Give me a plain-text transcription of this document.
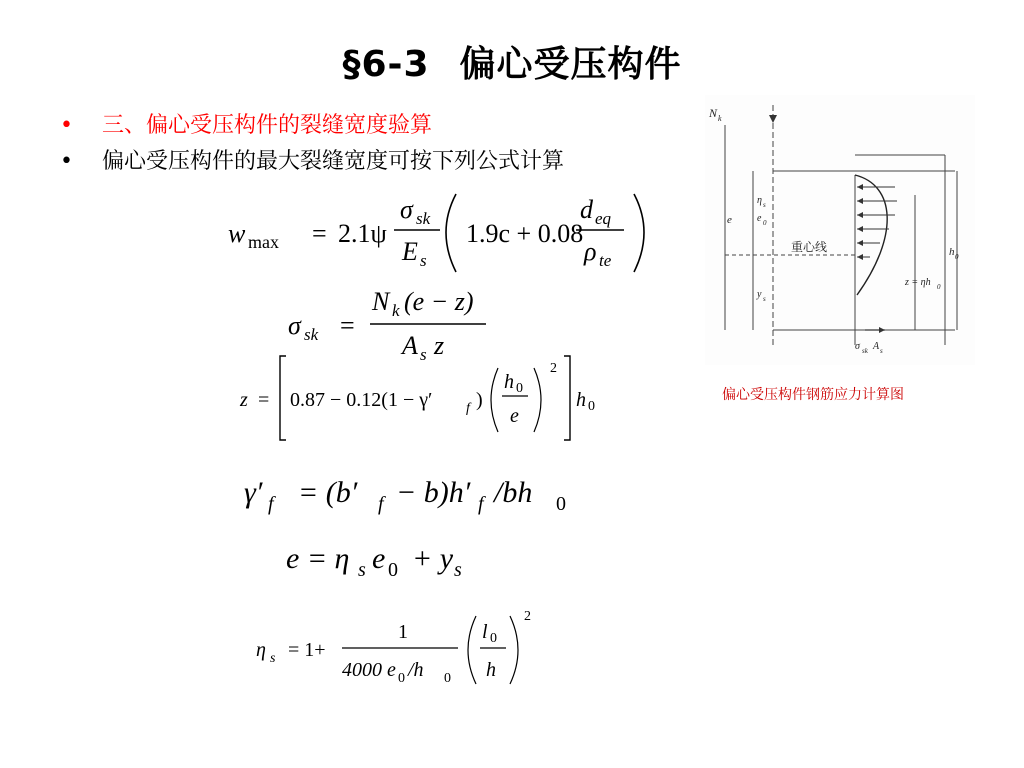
§6-3 偏心受压构件
• 三、偏心受压构件的裂缝宽度验算
• 偏心受压构件的最大裂缝宽度可按下列公式计算
w max = 2.1ψ
σ sk
E s
1.9c + 0.08
d eq
ρ te
σ sk =
N k (e − z)
A s z
z = 0.87 − 0.12(1 − γ′ f )
h 0
e
2
h 0
γ′ f = (b′ f − b)h′ f /bh 0
e = η s e 0 + y s
η s = 1+
1
4000 e 0 /h 0
l 0
h
2
N k
η s
e 0
e
y s
z = ηh 0
h 0
重心线
σ sk A s
偏心受压构件钢筋应力计算图
